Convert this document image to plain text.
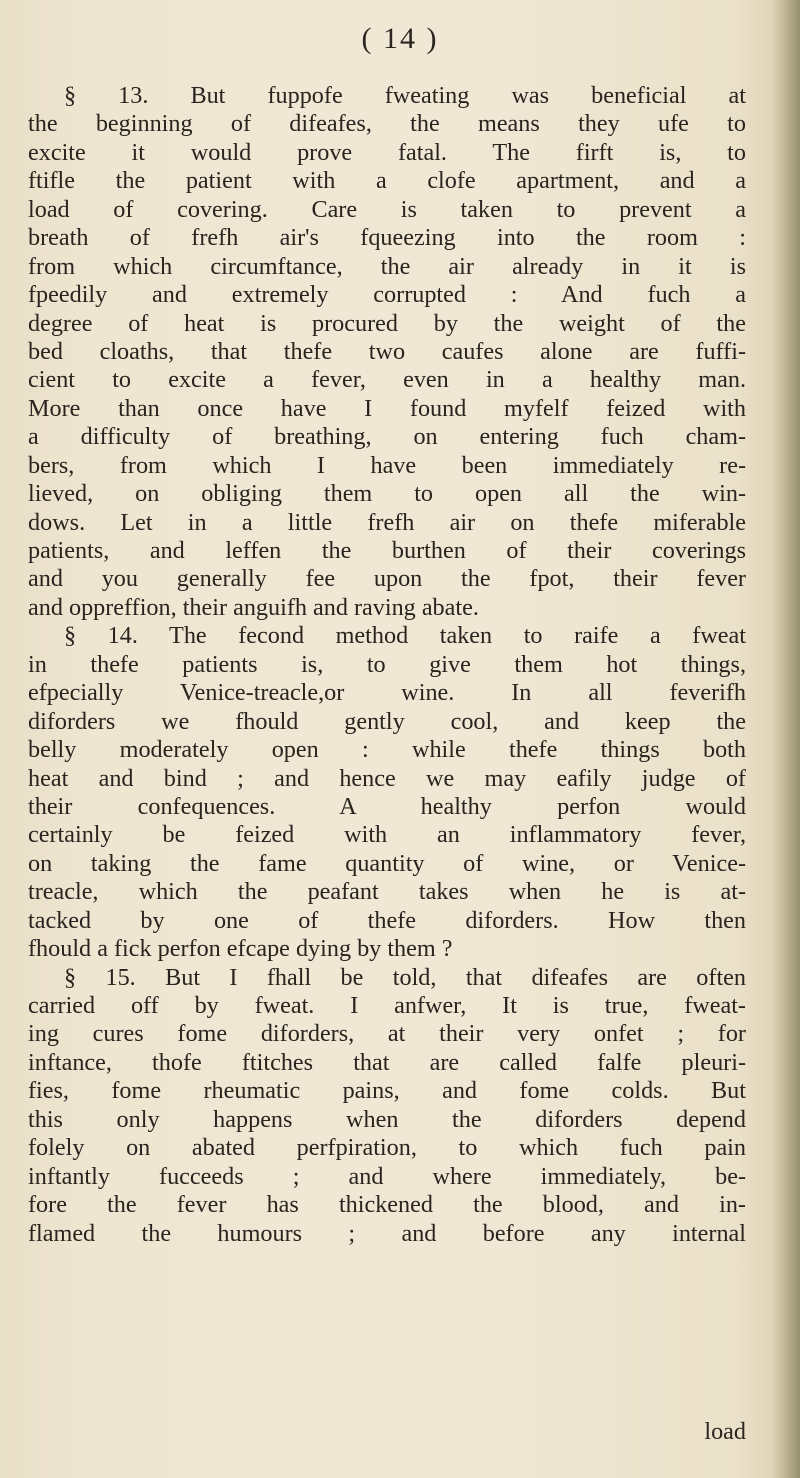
( 14 )
§ 13. But fuppofe fweating was beneficial at
the beginning of difeafes, the means they ufe to
excite it would prove fatal. The firft is, to
ftifle the patient with a clofe apartment, and a
load of covering. Care is taken to prevent a
breath of frefh air's fqueezing into the room :
from which circumftance, the air already in it is
fpeedily and extremely corrupted : And fuch a
degree of heat is procured by the weight of the
bed cloaths, that thefe two caufes alone are fuffi-
cient to excite a fever, even in a healthy man.
More than once have I found myfelf feized with
a difficulty of breathing, on entering fuch cham-
bers, from which I have been immediately re-
lieved, on obliging them to open all the win-
dows. Let in a little frefh air on thefe miferable
patients, and leffen the burthen of their coverings
and you generally fee upon the fpot, their fever
and oppreffion, their anguifh and raving abate.
§ 14. The fecond method taken to raife a fweat
in thefe patients is, to give them hot things,
efpecially Venice-treacle,or wine. In all feverifh
diforders we fhould gently cool, and keep the
belly moderately open : while thefe things both
heat and bind ; and hence we may eafily judge of
their confequences. A healthy perfon would
certainly be feized with an inflammatory fever,
on taking the fame quantity of wine, or Venice-
treacle, which the peafant takes when he is at-
tacked by one of thefe diforders. How then
fhould a fick perfon efcape dying by them ?
§ 15. But I fhall be told, that difeafes are often
carried off by fweat. I anfwer, It is true, fweat-
ing cures fome diforders, at their very onfet ; for
inftance, thofe ftitches that are called falfe pleuri-
fies, fome rheumatic pains, and fome colds. But
this only happens when the diforders depend
folely on abated perfpiration, to which fuch pain
inftantly fucceeds ; and where immediately, be-
fore the fever has thickened the blood, and in-
flamed the humours ; and before any internal
load
